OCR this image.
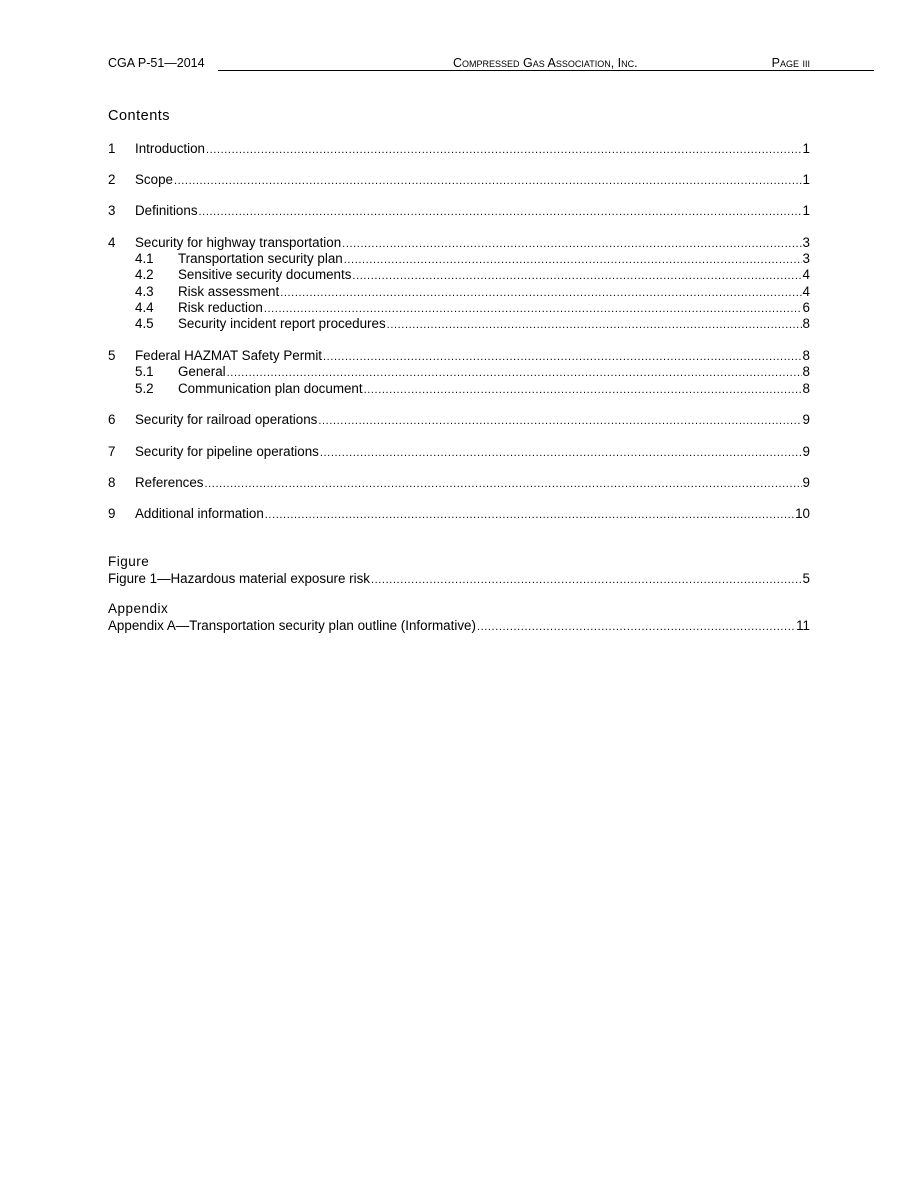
Compressed Gas Association, Inc.
CGA P-51—2014	Page iii
Contents
1	Introduction .....	1
2	Scope .....	1
3	Definitions .....	1
4	Security for highway transportation .....	3
4.1	Transportation security plan .....	3
4.2	Sensitive security documents .....	4
4.3	Risk assessment .....	4
4.4	Risk reduction .....	6
4.5	Security incident report procedures .....	8
5	Federal HAZMAT Safety Permit .....	8
5.1	General .....	8
5.2	Communication plan document .....	8
6	Security for railroad operations .....	9
7	Security for pipeline operations .....	9
8	References .....	9
9	Additional information .....	10
Figure
Figure 1—Hazardous material exposure risk .....	5
Appendix
Appendix A—Transportation security plan outline (Informative) .....	11
